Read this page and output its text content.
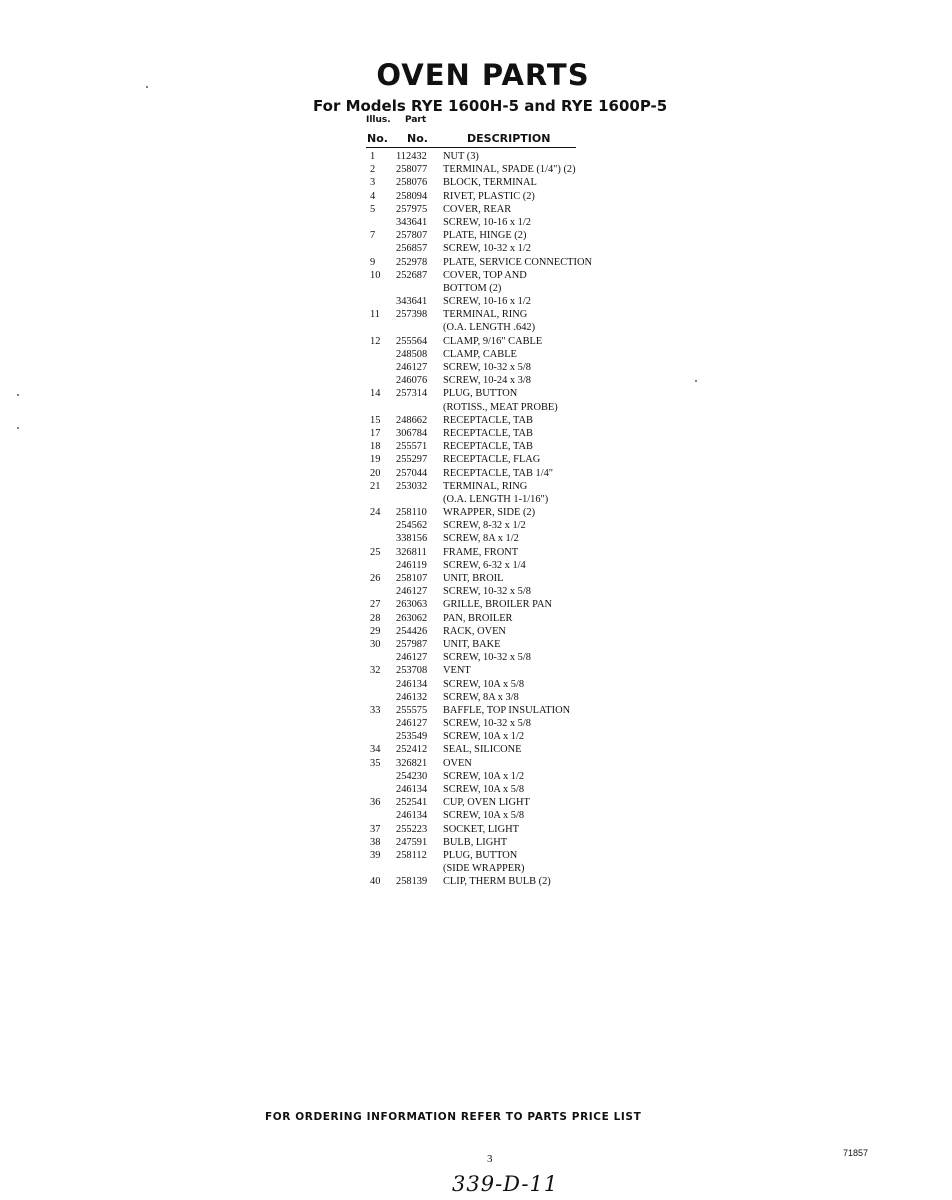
OVEN PARTS
For Models RYE 1600H-5 and RYE 1600P-5
Illus. Part
No. No.	DESCRIPTION
1	112432 NUT (3)
2	258077 TERMINAL, SPADE (1/4") (2)
3	258076 BLOCK, TERMINAL
4	258094 RIVET, PLASTIC (2)
5	257975 COVER, REAR
343641 SCREW, 10-16 x 1/2
7	257807 PLATE, HINGE (2)
256857 SCREW, 10-32 x 1/2
9	252978 PLATE, SERVICE CONNECTION
10 252687 COVER, TOP AND
BOTTOM (2)
343641 SCREW, 10-16 x 1/2
11 257398 TERMINAL, RING
(O.A. LENGTH .642)
12 255564 CLAMP, 9/16" CABLE
248508 CLAMP, CABLE
246127 SCREW, 10-32 x 5/8
246076 SCREW, 10-24 x 3/8
14 257314 PLUG, BUTTON
(ROTISS., MEAT PROBE)
15 248662 RECEPTACLE, TAB
17 306784 RECEPTACLE, TAB
18 255571 RECEPTACLE, TAB
19 255297 RECEPTACLE, FLAG
20 257044 RECEPTACLE, TAB 1/4"
21 253032 TERMINAL, RING
(O.A. LENGTH 1-1/16")
24 258110 WRAPPER, SIDE (2)
254562 SCREW, 8-32 x 1/2
338156 SCREW, 8A x 1/2
25 326811 FRAME, FRONT
246119 SCREW, 6-32 x 1/4
26 258107 UNIT, BROIL
246127 SCREW, 10-32 x 5/8
27 263063 GRILLE, BROILER PAN
28 263062 PAN, BROILER
29 254426 RACK, OVEN
30 257987 UNIT, BAKE
246127 SCREW, 10-32 x 5/8
32 253708 VENT
246134 SCREW, 10A x 5/8
246132 SCREW, 8A x 3/8
33 255575 BAFFLE, TOP INSULATION
246127 SCREW, 10-32 x 5/8
253549 SCREW, 10A x 1/2
34 252412 SEAL, SILICONE
35 326821 OVEN
254230 SCREW, 10A x 1/2
246134 SCREW, 10A x 5/8
36 252541 CUP, OVEN LIGHT
246134 SCREW, 10A x 5/8
37 255223 SOCKET, LIGHT
38 247591 BULB, LIGHT
39 258112 PLUG, BUTTON
(SIDE WRAPPER)
40 258139 CLIP, THERM BULB (2)
FOR ORDERING INFORMATION REFER TO PARTS PRICE LIST
3	71857
339-D-11
